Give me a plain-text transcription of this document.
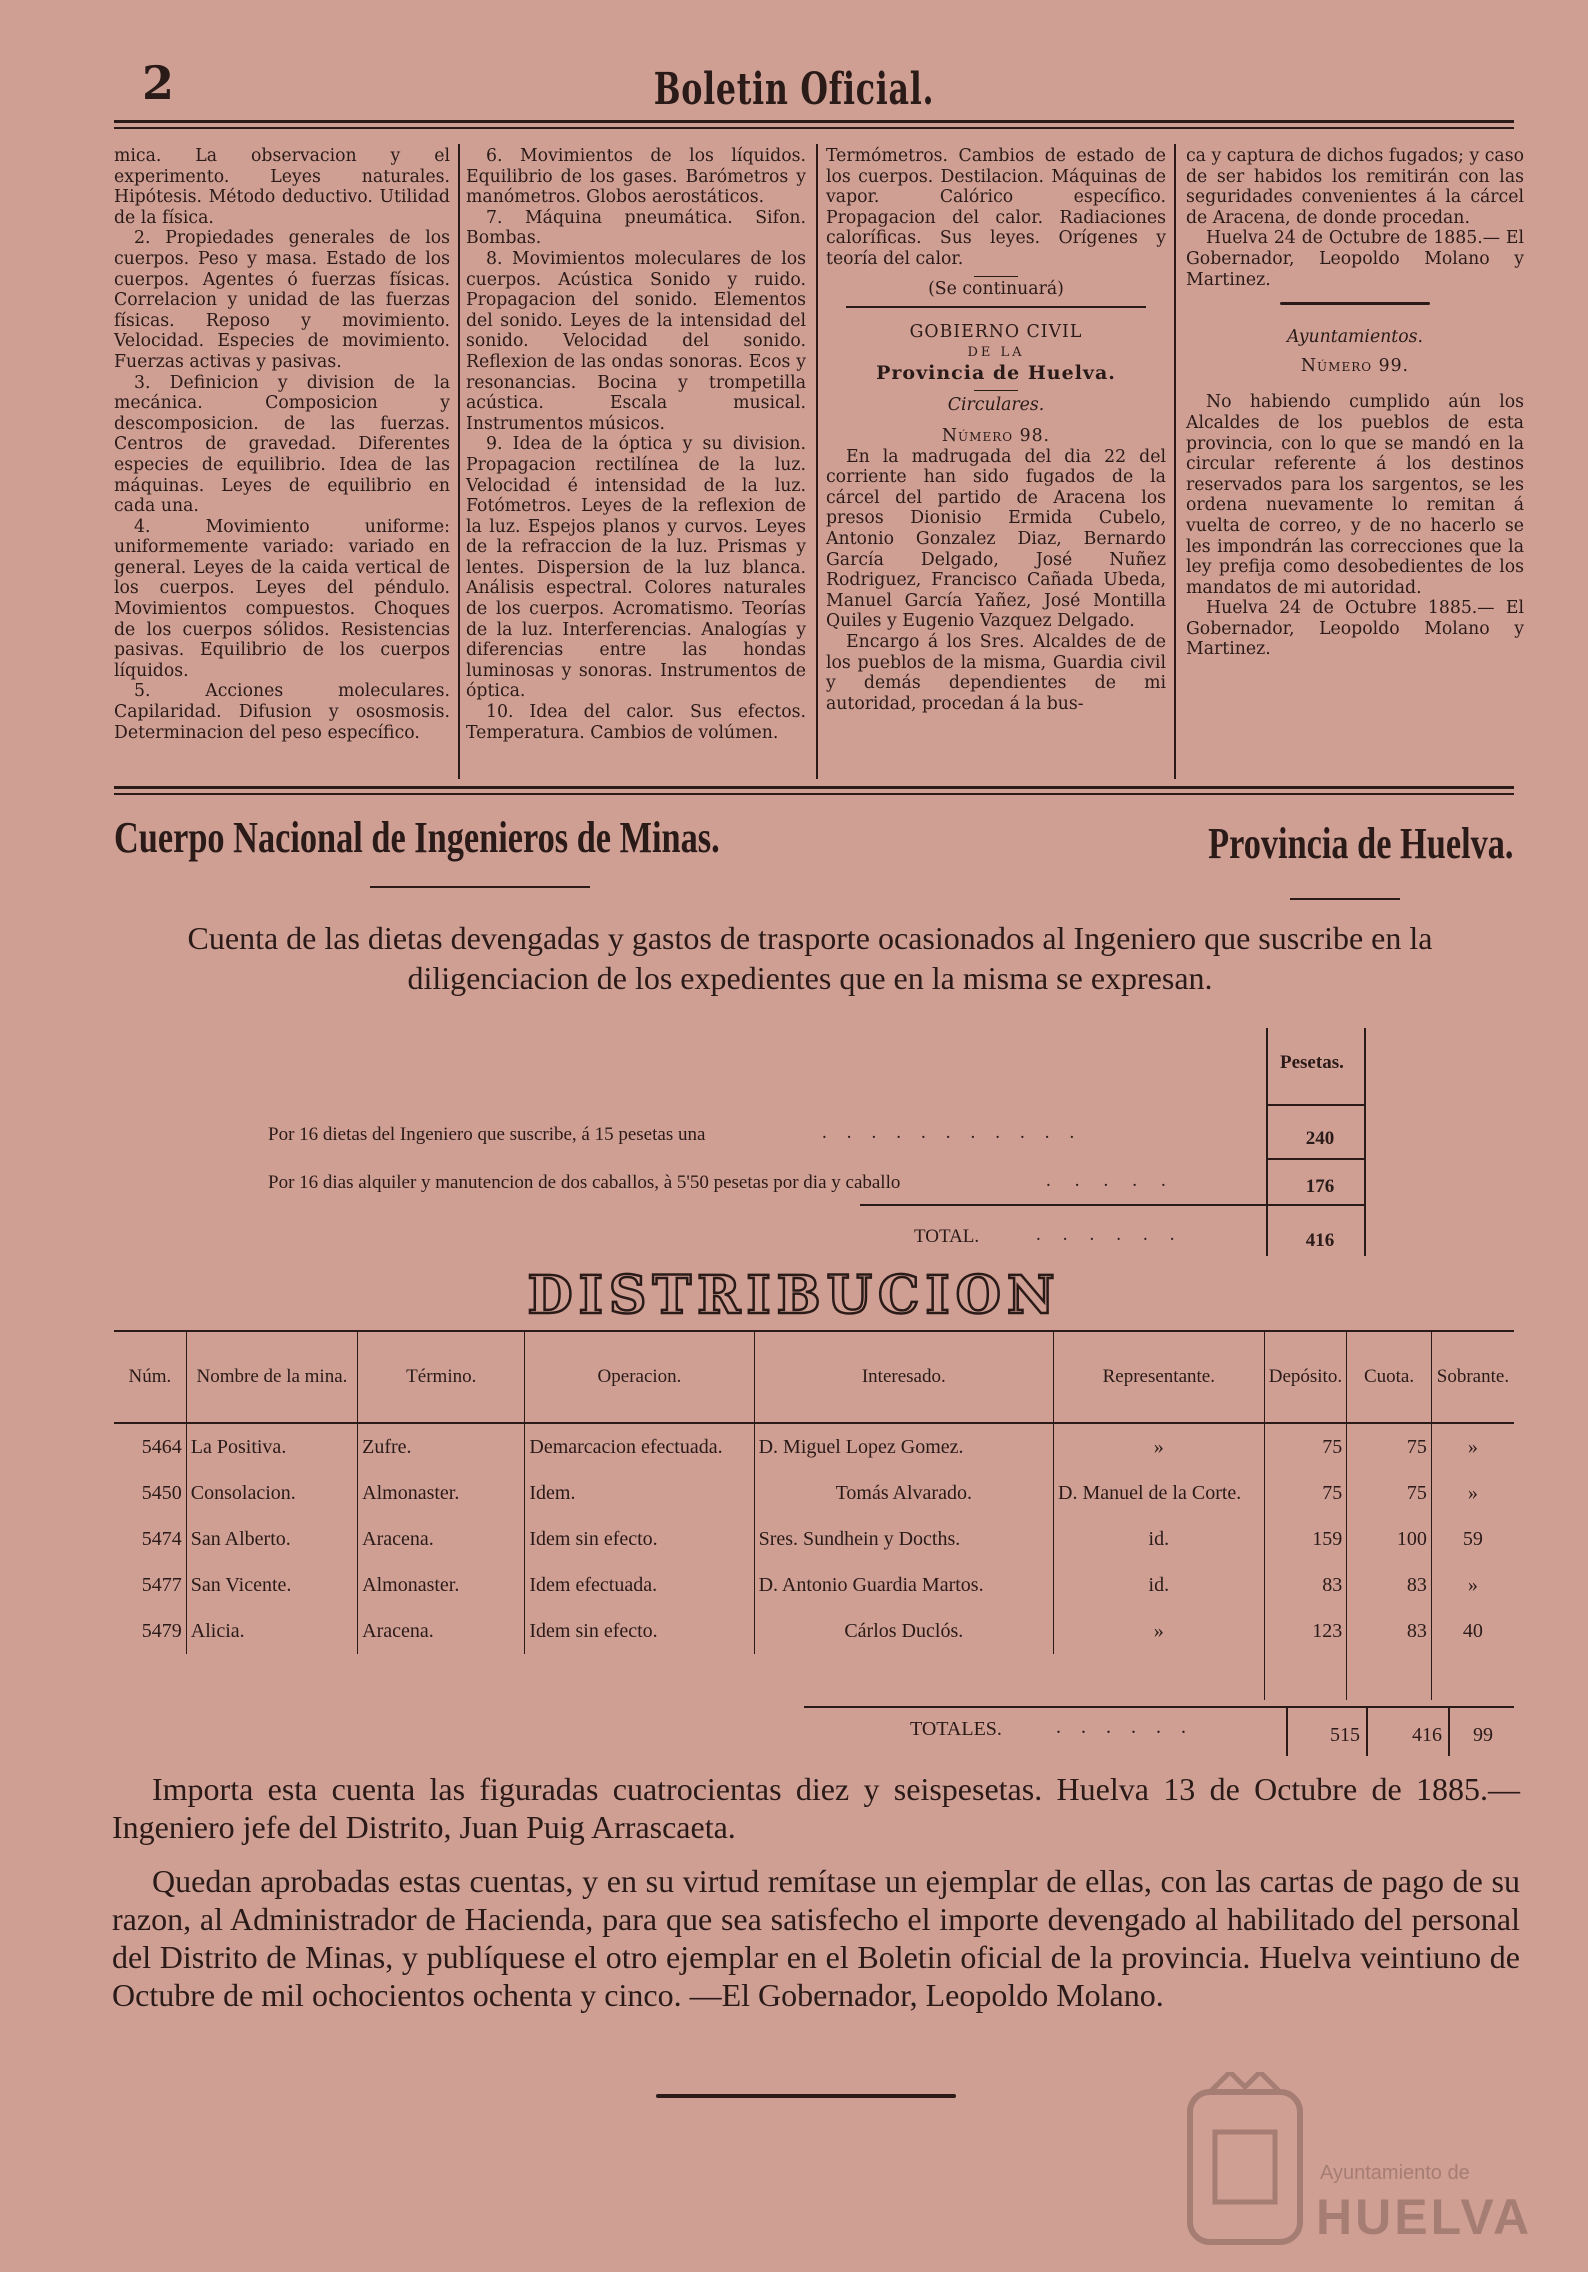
2	Boletin Oficial.

mica. La observacion y el experimento. Leyes naturales. Hipótesis. Método deductivo. Utilidad de la física.

2. Propiedades generales de los cuerpos. Peso y masa. Estado de los cuerpos. Agentes ó fuerzas físicas. Correlacion y unidad de las fuerzas físicas. Reposo y movimiento. Velocidad. Especies de movimiento. Fuerzas activas y pasivas.

3. Definicion y division de la mecánica. Composicion y descomposicion. de las fuerzas. Centros de gravedad. Diferentes especies de equilibrio. Idea de las máquinas. Leyes de equilibrio en cada una.

4. Movimiento uniforme: uniformemente variado: variado en general. Leyes de la caida vertical de los cuerpos. Leyes del péndulo. Movimientos compuestos. Choques de los cuerpos sólidos. Resistencias pasivas. Equilibrio de los cuerpos líquidos.

5. Acciones moleculares. Capilaridad. Difusion y ososmosis. Determinacion del peso específico.

6. Movimientos de los líquidos. Equilibrio de los gases. Barómetros y manómetros. Globos aerostáticos.

7. Máquina pneumática. Sifon. Bombas.

8. Movimientos moleculares de los cuerpos. Acústica Sonido y ruido. Propagacion del sonido. Elementos del sonido. Leyes de la intensidad del sonido. Velocidad del sonido. Reflexion de las ondas sonoras. Ecos y resonancias. Bocina y trompetilla acústica. Escala musical. Instrumentos músicos.

9. Idea de la óptica y su division. Propagacion rectilínea de la luz. Velocidad é intensidad de la luz. Fotómetros. Leyes de la reflexion de la luz. Espejos planos y curvos. Leyes de la refraccion de la luz. Prismas y lentes. Dispersion de la luz blanca. Análisis espectral. Colores naturales de los cuerpos. Acromatismo. Teorías de la luz. Interferencias. Analogías y diferencias entre las hondas luminosas y sonoras. Instrumentos de óptica.

10. Idea del calor. Sus efectos. Temperatura. Cambios de volúmen.

Termómetros. Cambios de estado de los cuerpos. Destilacion. Máquinas de vapor. Calórico específico. Propagacion del calor. Radiaciones caloríficas. Sus leyes. Orígenes y teoría del calor.

(Se continuará)

GOBIERNO CIVIL

DE LA

Provincia de Huelva.

Circulares.

Número 98.

En la madrugada del dia 22 del corriente han sido fugados de la cárcel del partido de Aracena los presos Dionisio Ermida Cubelo, Antonio Gonzalez Diaz, Bernardo García Delgado, José Nuñez Rodriguez, Francisco Cañada Ubeda, Manuel García Yañez, José Montilla Quiles y Eugenio Vazquez Delgado.

Encargo á los Sres. Alcaldes de de los pueblos de la misma, Guardia civil y demás dependientes de mi autoridad, procedan á la bus-

ca y captura de dichos fugados; y caso de ser habidos los remitirán con las seguridades convenientes á la cárcel de Aracena, de donde procedan.

Huelva 24 de Octubre de 1885.— El Gobernador, Leopoldo Molano y Martinez.

Ayuntamientos.

Número 99.

No habiendo cumplido aún los Alcaldes de los pueblos de esta provincia, con lo que se mandó en la circular referente á los destinos reservados para los sargentos, se les ordena nuevamente lo remitan á vuelta de correo, y de no hacerlo se les impondrán las correcciones que la ley prefija como desobedientes de los mandatos de mi autoridad.

Huelva 24 de Octubre 1885.— El Gobernador, Leopoldo Molano y Martinez.

Cuerpo Nacional de Ingenieros de Minas.	Provincia de Huelva.
Cuenta de las dietas devengadas y gastos de trasporte ocasionados al Ingeniero que suscribe en la diligenciacion de los expedientes que en la misma se expresan.
Pesetas.
Por 16 dietas del Ingeniero que suscribe, á 15 pesetas una	...........	240
Por 16 dias alquiler y manutencion de dos caballos, à 5'50 pesetas por dia y caballo	.....	176
TOTAL.	......	416
DISTRIBUCION
Núm.	Nombre de la mina.	Término.	Operacion.	Interesado.	Representante.	Depósito.	Cuota.	Sobrante.
5464	La Positiva.	Zufre.	Demarcacion efectuada.	D. Miguel Lopez Gomez.	»	75	75	»
5450	Consolacion.	Almonaster.	Idem.	Tomás Alvarado.	D. Manuel de la Corte.	75	75	»
5474	San Alberto.	Aracena.	Idem sin efecto.	Sres. Sundhein y Docths.	id.	159	100	59
5477	San Vicente.	Almonaster.	Idem efectuada.	D. Antonio Guardia Martos.	id.	83	83	»
5479	Alicia.	Aracena.	Idem sin efecto.	Cárlos Duclós.	»	123	83	40

TOTALES.	......	515	416	99

Importa esta cuenta las figuradas cuatrocientas diez y seispesetas. Huelva 13 de Octubre de 1885.—Ingeniero jefe del Distrito, Juan Puig Arrascaeta.

Quedan aprobadas estas cuentas, y en su virtud remítase un ejemplar de ellas, con las cartas de pago de su razon, al Administrador de Hacienda, para que sea satisfecho el importe devengado al habilitado del personal del Distrito de Minas, y publíquese el otro ejemplar en el Boletin oficial de la provincia. Huelva veintiuno de Octubre de mil ochocientos ochenta y cinco. —El Gobernador, Leopoldo Molano.

Ayuntamiento de
HUELVA
